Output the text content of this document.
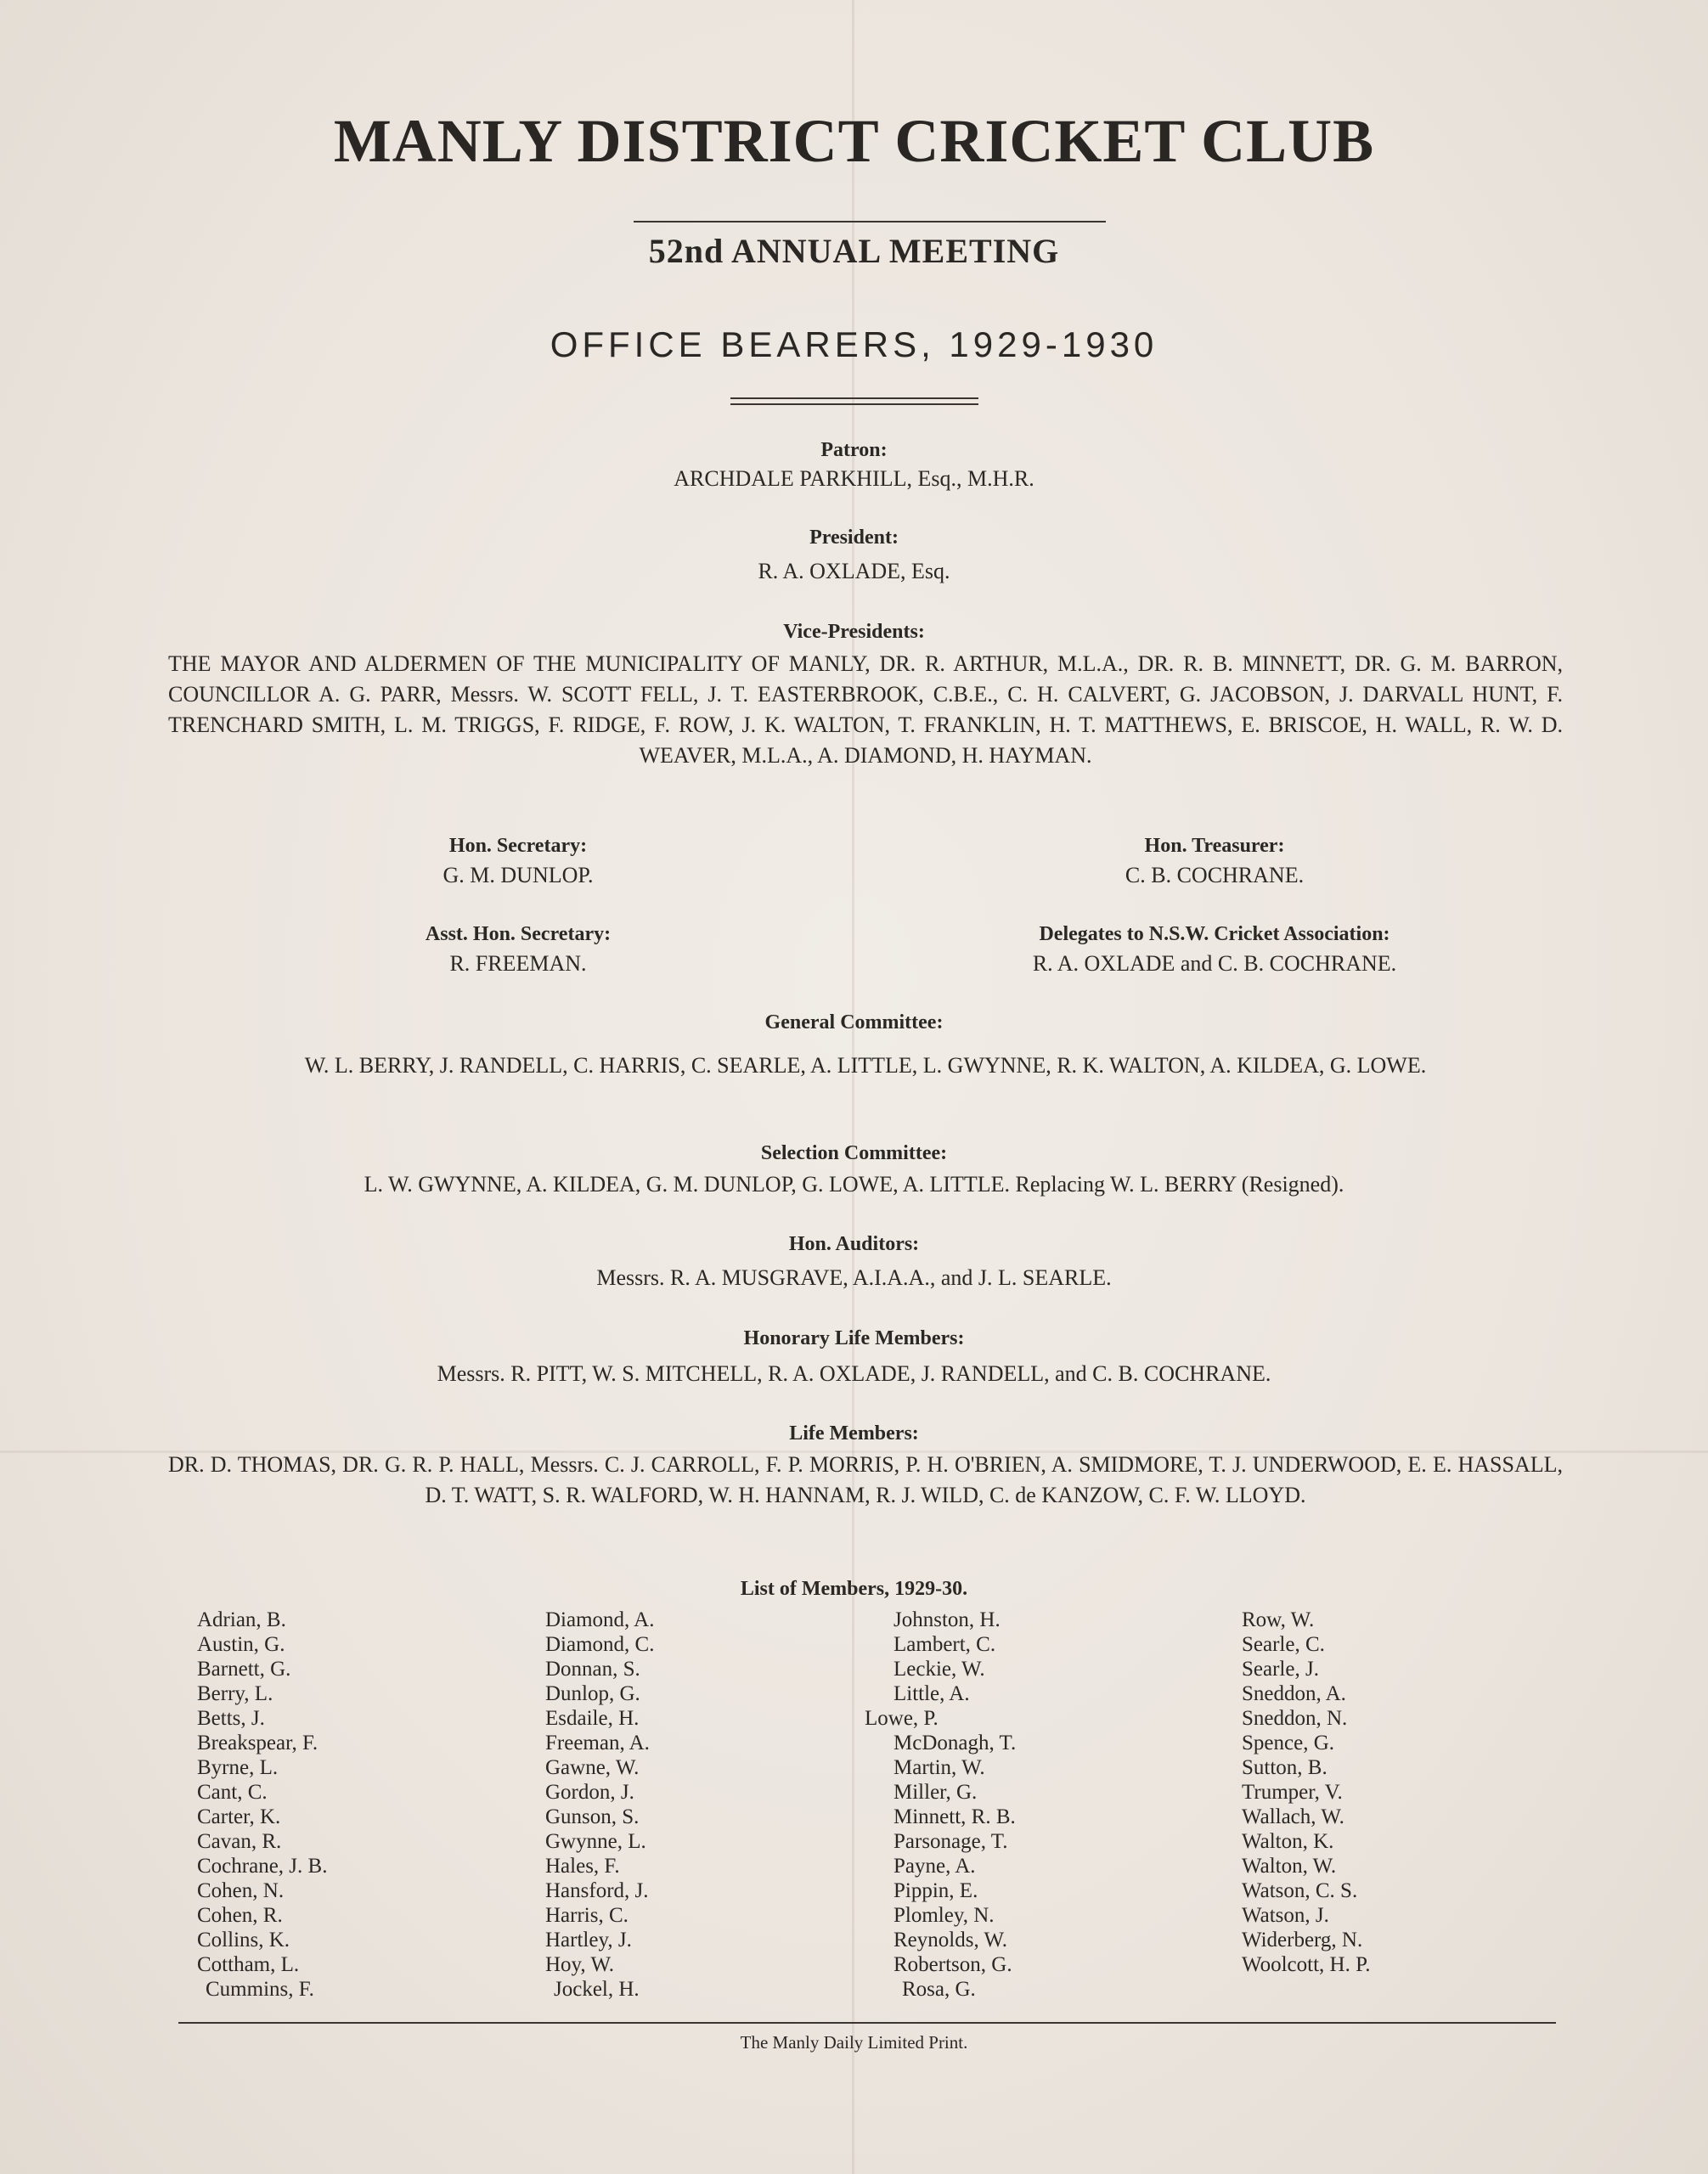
MANLY DISTRICT CRICKET CLUB
52nd ANNUAL MEETING
OFFICE BEARERS, 1929-1930
Patron:
ARCHDALE PARKHILL, Esq., M.H.R.
President:
R. A. OXLADE, Esq.
Vice-Presidents:
THE MAYOR AND ALDERMEN OF THE MUNICIPALITY OF MANLY, DR. R. ARTHUR, M.L.A., DR. R. B. MINNETT, DR. G. M. BARRON, COUNCILLOR A. G. PARR, Messrs. W. SCOTT FELL, J. T. EASTERBROOK, C.B.E., C. H. CALVERT, G. JACOBSON, J. DARVALL HUNT, F. TRENCHARD SMITH, L. M. TRIGGS, F. RIDGE, F. ROW, J. K. WALTON, T. FRANKLIN, H. T. MATTHEWS, E. BRISCOE, H. WALL, R. W. D. WEAVER, M.L.A., A. DIAMOND, H. HAYMAN.
Hon. Secretary:
G. M. DUNLOP.
Hon. Treasurer:
C. B. COCHRANE.
Asst. Hon. Secretary:
R. FREEMAN.
Delegates to N.S.W. Cricket Association:
R. A. OXLADE and C. B. COCHRANE.
General Committee:
W. L. BERRY, J. RANDELL, C. HARRIS, C. SEARLE, A. LITTLE, L. GWYNNE, R. K. WALTON, A. KILDEA, G. LOWE.
Selection Committee:
L. W. GWYNNE, A. KILDEA, G. M. DUNLOP, G. LOWE, A. LITTLE. Replacing W. L. BERRY (Resigned).
Hon. Auditors:
Messrs. R. A. MUSGRAVE, A.I.A.A., and J. L. SEARLE.
Honorary Life Members:
Messrs. R. PITT, W. S. MITCHELL, R. A. OXLADE, J. RANDELL, and C. B. COCHRANE.
Life Members:
DR. D. THOMAS, DR. G. R. P. HALL, Messrs. C. J. CARROLL, F. P. MORRIS, P. H. O'BRIEN, A. SMIDMORE, T. J. UNDERWOOD, E. E. HASSALL, D. T. WATT, S. R. WALFORD, W. H. HANNAM, R. J. WILD, C. de KANZOW, C. F. W. LLOYD.
List of Members, 1929-30.
Adrian, B.
Austin, G.
Barnett, G.
Berry, L.
Betts, J.
Breakspear, F.
Byrne, L.
Cant, C.
Carter, K.
Cavan, R.
Cochrane, J. B.
Cohen, N.
Cohen, R.
Collins, K.
Cottham, L.
Cummins, F.
Diamond, A.
Diamond, C.
Donnan, S.
Dunlop, G.
Esdaile, H.
Freeman, A.
Gawne, W.
Gordon, J.
Gunson, S.
Gwynne, L.
Hales, F.
Hansford, J.
Harris, C.
Hartley, J.
Hoy, W.
Jockel, H.
Johnston, H.
Lambert, C.
Leckie, W.
Little, A.
Lowe, P.
McDonagh, T.
Martin, W.
Miller, G.
Minnett, R. B.
Parsonage, T.
Payne, A.
Pippin, E.
Plomley, N.
Reynolds, W.
Robertson, G.
Rosa, G.
Row, W.
Searle, C.
Searle, J.
Sneddon, A.
Sneddon, N.
Spence, G.
Sutton, B.
Trumper, V.
Wallach, W.
Walton, K.
Walton, W.
Watson, C. S.
Watson, J.
Widerberg, N.
Woolcott, H. P.
The Manly Daily Limited Print.
